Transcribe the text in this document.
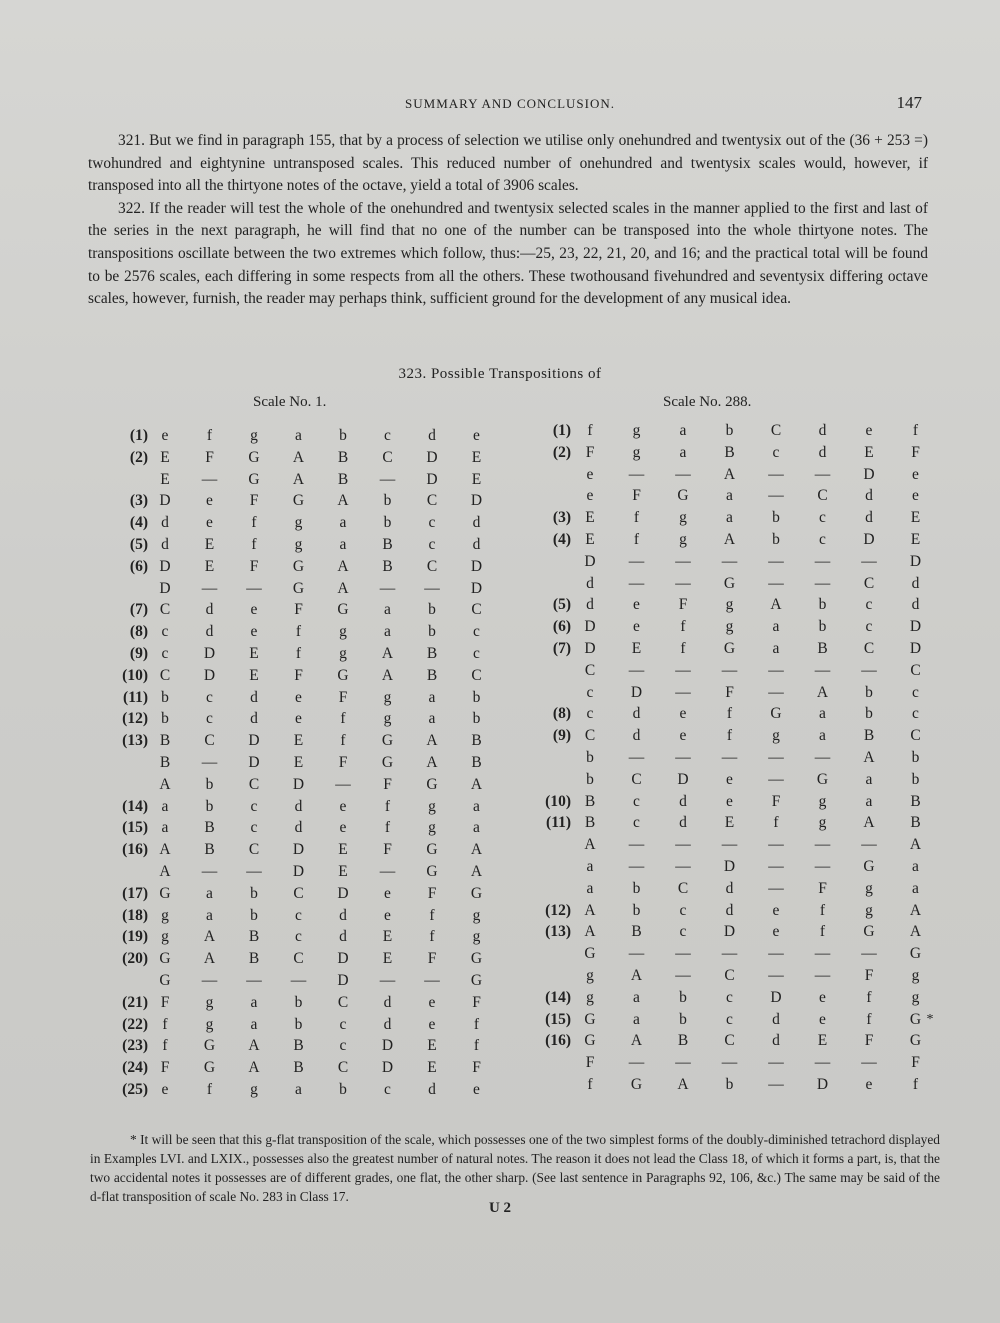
SUMMARY AND CONCLUSION.	147

321. But we find in paragraph 155, that by a process of selection we utilise only onehundred and twentysix out of the (36 + 253 =) twohundred and eightynine untransposed scales. This reduced number of onehundred and twentysix scales would, however, if transposed into all the thirtyone notes of the octave, yield a total of 3906 scales.

322. If the reader will test the whole of the onehundred and twentysix selected scales in the manner applied to the first and last of the series in the next paragraph, he will find that no one of the number can be transposed into the whole thirtyone notes. The transpositions oscillate between the two extremes which follow, thus:—25, 23, 22, 21, 20, and 16; and the practical total will be found to be 2576 scales, each differing in some respects from all the others. These twothousand fivehundred and seventysix differing octave scales, however, furnish, the reader may perhaps think, sufficient ground for the development of any musical idea.

323. Possible Transpositions of
Scale No. 1.	Scale No. 288.
(1) e	f	g	a	b	c	d	e
(2) E	F	G	A	B	C	D	E
E	—	G	A	B	—	D	E
(3) D	e	F	G	A	b	C	D
(4) d	e	f	g	a	b	c	d
(5) d	E	f	g	a	B	c	d
(6) D	E	F	G	A	B	C	D
D	—	—	G	A	—	—	D
(7) C	d	e	F	G	a	b	C
(8) c	d	e	f	g	a	b	c
(9) c	D	E	f	g	A	B	c
(10) C	D	E	F	G	A	B	C
(11) b	c	d	e	F	g	a	b
(12) b	c	d	e	f	g	a	b
(13) B	C	D	E	f	G	A	B
B	—	D	E	F	G	A	B
A	b	C	D	—	F	G	A
(14) a	b	c	d	e	f	g	a
(15) a	B	c	d	e	f	g	a
(16) A	B	C	D	E	F	G	A
A	—	—	D	E	—	G	A
(17) G	a	b	C	D	e	F	G
(18) g	a	b	c	d	e	f	g
(19) g	A	B	c	d	E	f	g
(20) G	A	B	C	D	E	F	G
G	—	—	—	D	—	—	G
(21) F	g	a	b	C	d	e	F
(22) f	g	a	b	c	d	e	f
(23) f	G	A	B	c	D	E	f
(24) F	G	A	B	C	D	E	F
(25) e	f	g	a	b	c	d	e
(1)	f	g	a	b	C	d	e	f
(2) F	g	a	B	c	d	E	F
e	—	—	A	—	—	D	e
e	F	G	a	—	C	d	e
(3) E	f	g	a	b	c	d	E
(4) E	f	g	A	b	c	D	E
D	—	—	—	—	—	—	D
d	—	—	G	—	—	C	d
(5) d	e	F	g	A	b	c	d
(6) D	e	f	g	a	b	c	D
(7) D	E	f	G	a	B	C	D
C	—	—	—	—	—	—	C
c	D	—	F	—	A	b	c
(8)	c	d	e	f	G	a	b	c
(9) C	d	e	f	g	a	B	C
b	—	—	—	—	—	A	b
b	C	D	e	—	G	a	b
(10) B	c	d	e	F	g	a	B
(11) B	c	d	E	f	g	A	B
A	—	—	—	—	—	—	A
a	—	—	D	—	—	G	a
a	b	C	d	—	F	g	a
(12) A	b	c	d	e	f	g	A
(13) A	B	c	D	e	f	G	A
G	—	—	—	—	—	—	G
g	A	—	C	—	—	F	g
(14) g	a	b	c	D	e	f	g
(15) G	a	b	c	d	e	f	G *
(16) G	A	B	C	d	E	F	G
F	—	—	—	—	—	—	F
f	G	A	b	—	D	e	f

* It will be seen that this g-flat transposition of the scale, which possesses one of the two simplest forms of the doubly-diminished tetrachord displayed in Examples LVI. and LXIX., possesses also the greatest number of natural notes. The reason it does not lead the Class 18, of which it forms a part, is, that the two accidental notes it possesses are of different grades, one flat, the other sharp. (See last sentence in Paragraphs 92, 106, &c.) The same may be said of the d-flat transposition of scale No. 283 in Class 17.

U 2
